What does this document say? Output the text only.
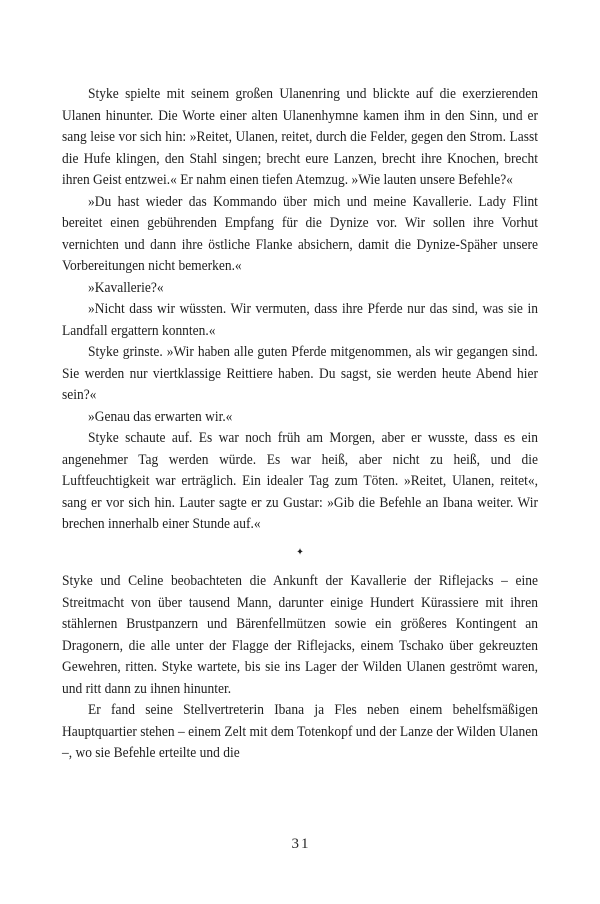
Styke spielte mit seinem großen Ulanenring und blickte auf die exerzierenden Ulanen hinunter. Die Worte einer alten Ulanenhymne kamen ihm in den Sinn, und er sang leise vor sich hin: »Reitet, Ulanen, reitet, durch die Felder, gegen den Strom. Lasst die Hufe klingen, den Stahl singen; brecht eure Lanzen, brecht ihre Knochen, brecht ihren Geist entzwei.« Er nahm einen tiefen Atemzug. »Wie lauten unsere Befehle?«

»Du hast wieder das Kommando über mich und meine Kavallerie. Lady Flint bereitet einen gebührenden Empfang für die Dynize vor. Wir sollen ihre Vorhut vernichten und dann ihre östliche Flanke absichern, damit die Dynize-Späher unsere Vorbereitungen nicht bemerken.«

»Kavallerie?«

»Nicht dass wir wüssten. Wir vermuten, dass ihre Pferde nur das sind, was sie in Landfall ergattern konnten.«

Styke grinste. »Wir haben alle guten Pferde mitgenommen, als wir gegangen sind. Sie werden nur viertklassige Reittiere haben. Du sagst, sie werden heute Abend hier sein?«

»Genau das erwarten wir.«

Styke schaute auf. Es war noch früh am Morgen, aber er wusste, dass es ein angenehmer Tag werden würde. Es war heiß, aber nicht zu heiß, und die Luftfeuchtigkeit war erträglich. Ein idealer Tag zum Töten. »Reitet, Ulanen, reitet«, sang er vor sich hin. Lauter sagte er zu Gustar: »Gib die Befehle an Ibana weiter. Wir brechen innerhalb einer Stunde auf.«

✦

Styke und Celine beobachteten die Ankunft der Kavallerie der Riflejacks – eine Streitmacht von über tausend Mann, darunter einige Hundert Kürassiere mit ihren stählernen Brustpanzern und Bärenfellmützen sowie ein größeres Kontingent an Dragonern, die alle unter der Flagge der Riflejacks, einem Tschako über gekreuzten Gewehren, ritten. Styke wartete, bis sie ins Lager der Wilden Ulanen geströmt waren, und ritt dann zu ihnen hinunter.

Er fand seine Stellvertreterin Ibana ja Fles neben einem behelfsmäßigen Hauptquartier stehen – einem Zelt mit dem Totenkopf und der Lanze der Wilden Ulanen –, wo sie Befehle erteilte und die

31
